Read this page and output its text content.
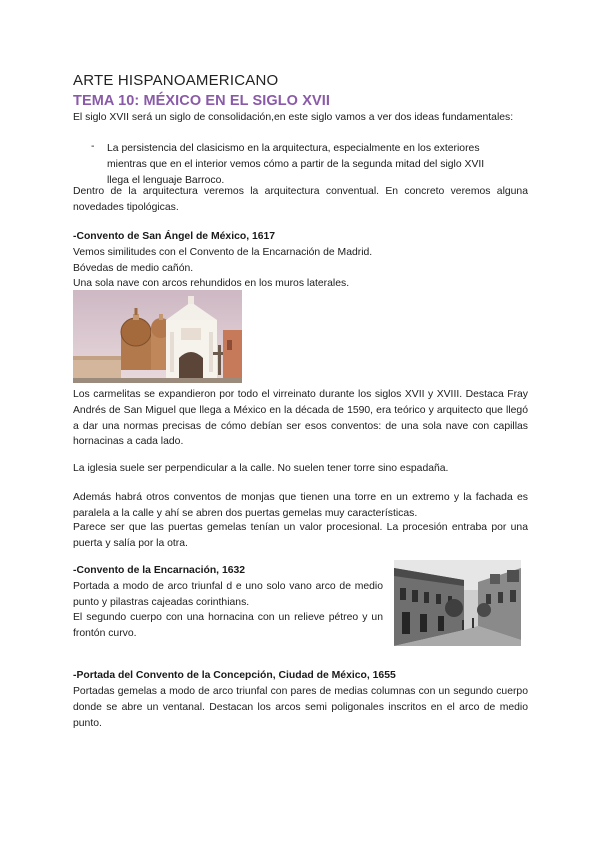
ARTE HISPANOAMERICANO
TEMA 10: MÉXICO EN EL SIGLO XVII
El siglo XVII será un siglo de consolidación,en este siglo vamos a ver dos ideas fundamentales:
- La persistencia del clasicismo en la arquitectura, especialmente en los exteriores mientras que en el interior vemos cómo a partir de la segunda mitad del siglo XVII llega el lenguaje Barroco.
Dentro de la arquitectura veremos la arquitectura conventual. En concreto veremos alguna novedades tipológicas.
-Convento de San Ángel de México, 1617
Vemos similitudes con el Convento de la Encarnación de Madrid.
Bóvedas de medio cañón.
Una sola nave con arcos rehundidos en los muros laterales.
Los carmelitas se expandieron por todo el virreinato durante los siglos XVII y XVIII. Destaca Fray Andrés de San Miguel que llega a México en la década de 1590, era teórico y arquitecto que llegó a dar una normas precisas de cómo debían ser esos conventos: de una sola nave con capillas hornacinas a cada lado.
La iglesia suele ser perpendicular a la calle. No suelen tener torre sino espadaña.
Además habrá otros conventos de monjas que tienen una torre en un extremo y la fachada es paralela a la calle y ahí se abren dos puertas gemelas muy características.
Parece ser que las puertas gemelas tenían un valor procesional. La procesión entraba por una puerta y salía por la otra.
-Convento de la Encarnación, 1632
Portada a modo de arco triunfal d e uno solo vano arco de medio punto y pilastras cajeadas corinthians.
El segundo cuerpo con una hornacina con un relieve pétreo y un frontón curvo.
-Portada del Convento de la Concepción, Ciudad de México, 1655
Portadas gemelas a modo de arco triunfal con pares de medias columnas con un segundo cuerpo donde se abre un ventanal. Destacan los arcos semi poligonales inscritos en el arco de medio punto.
